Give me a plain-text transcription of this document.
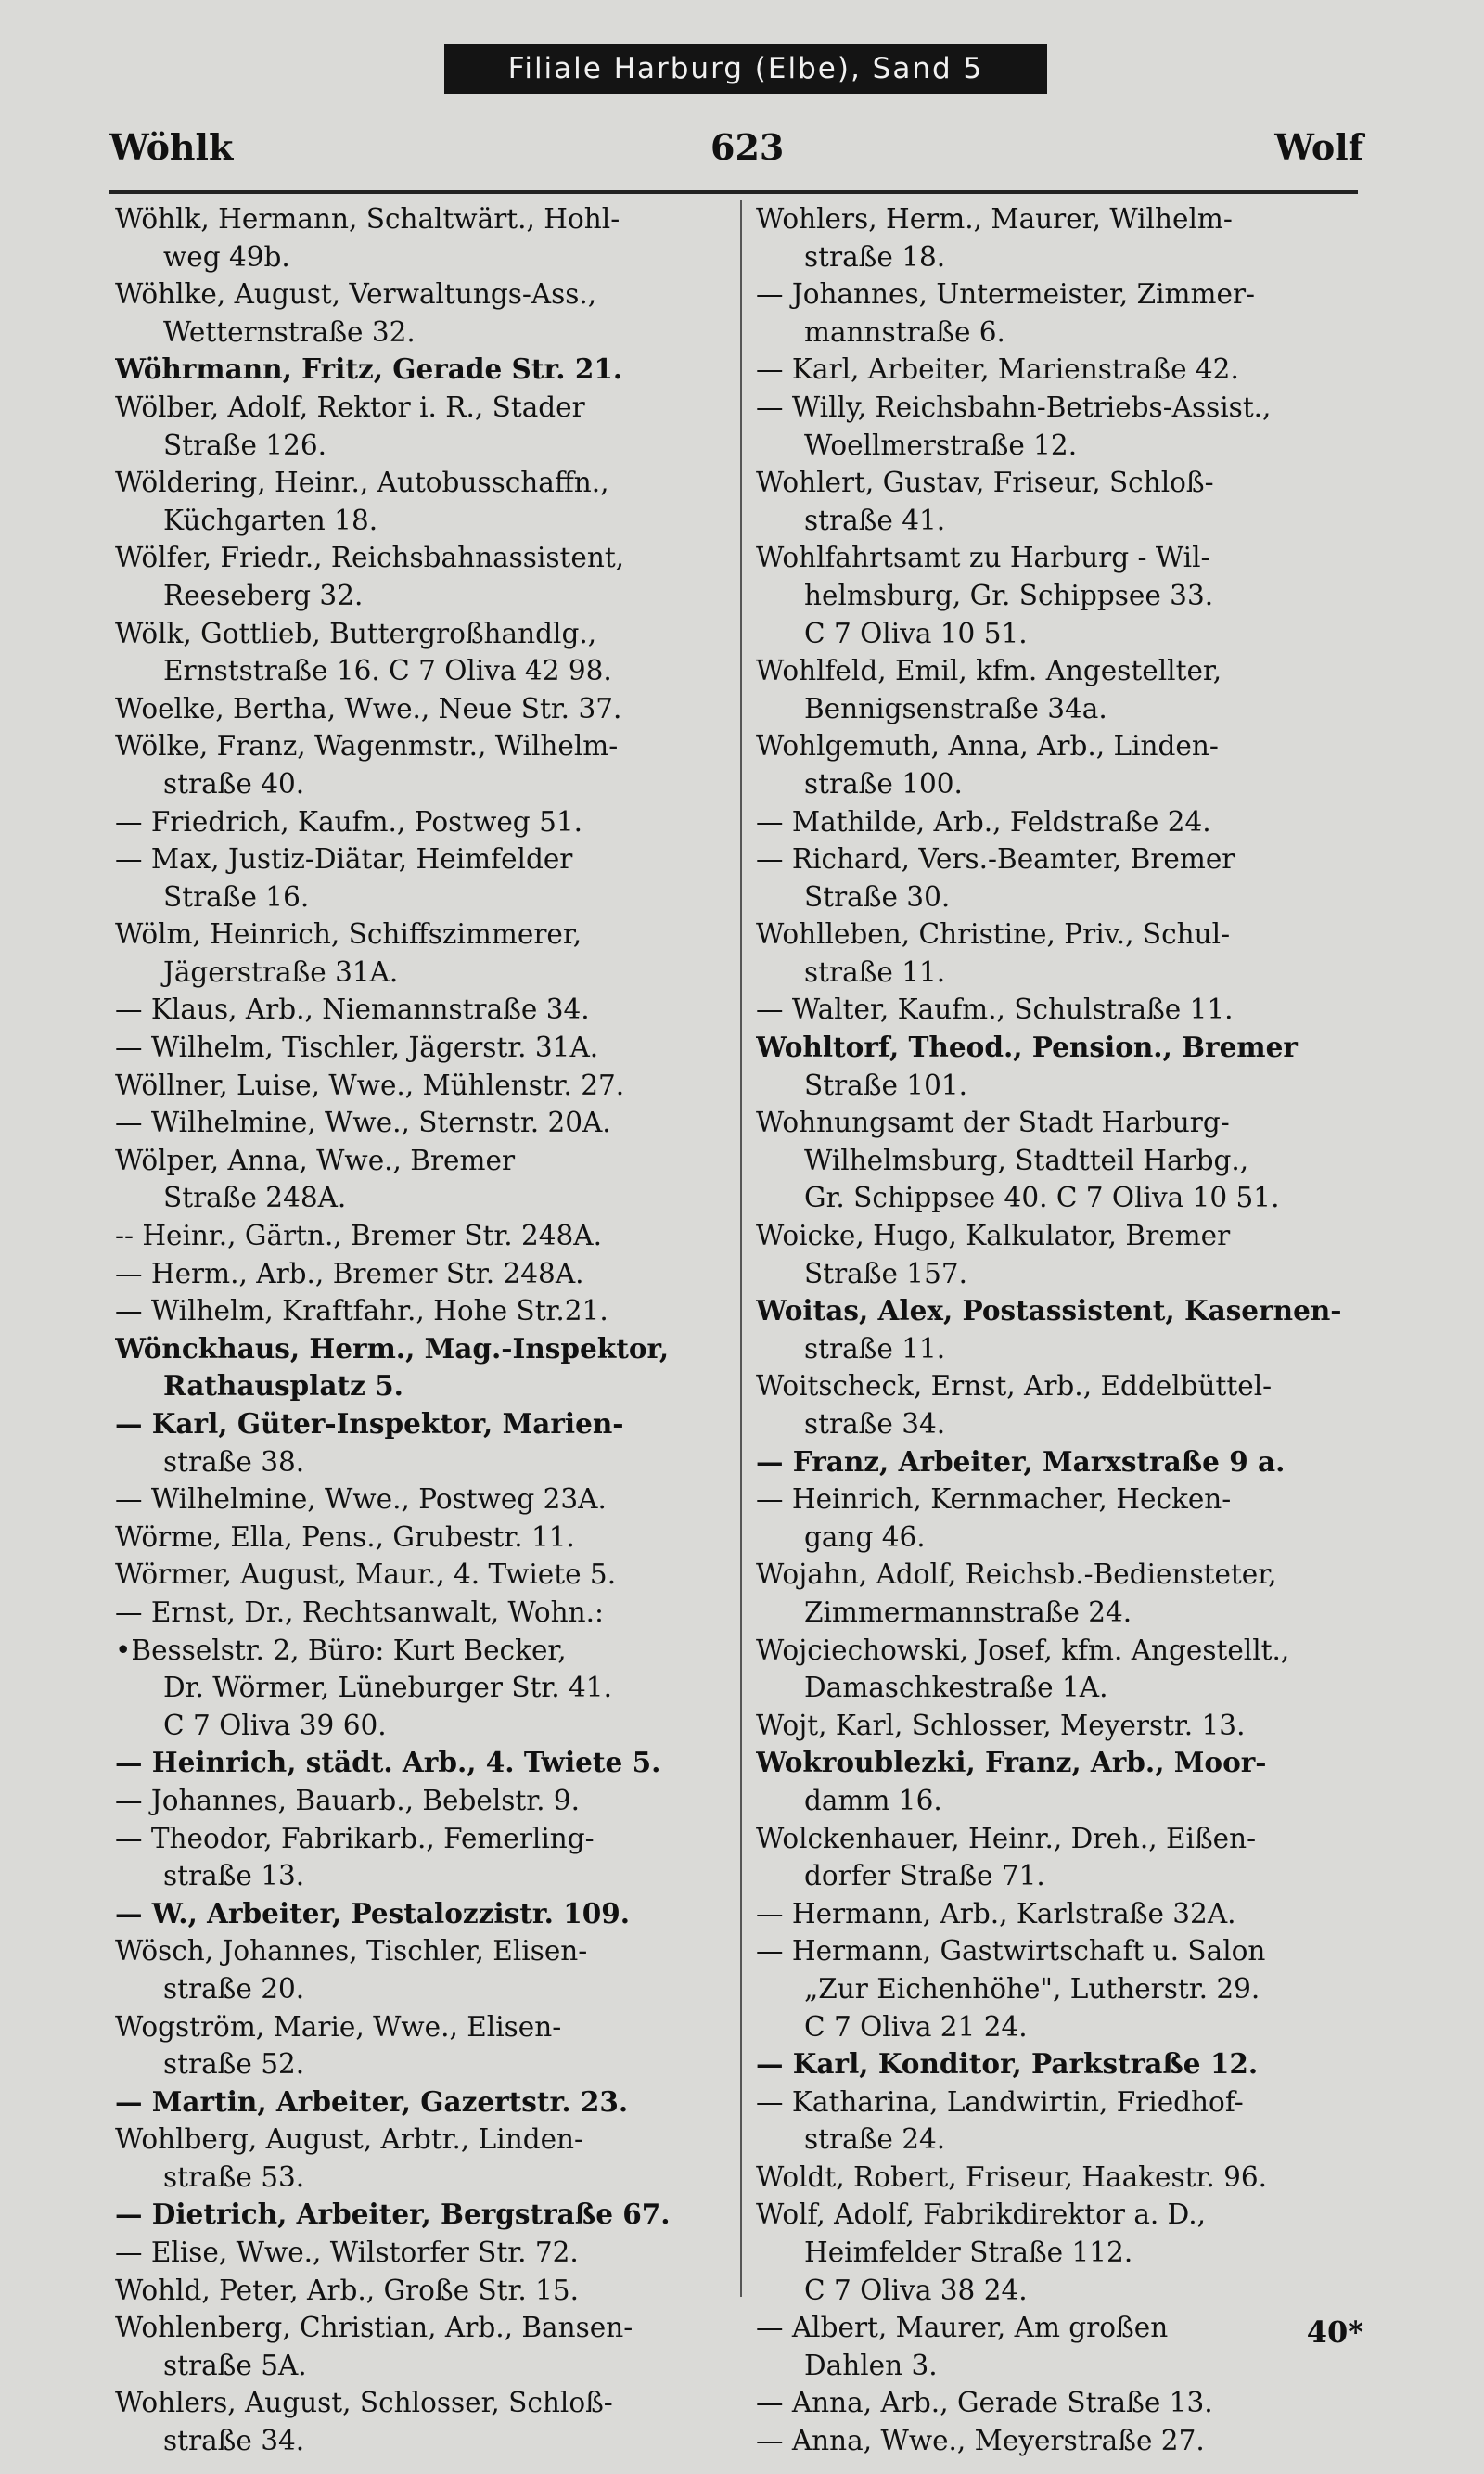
Filiale Harburg (Elbe), Sand 5
Wöhlk	623	Wolf
Wöhlk, Hermann, Schaltwärt., Hohl-
weg 49b.
Wöhlke, August, Verwaltungs-Ass.,
Wetternstraße 32.
Wöhrmann, Fritz, Gerade Str. 21.
Wölber, Adolf, Rektor i. R., Stader
Straße 126.
Wöldering, Heinr., Autobusschaffn.,
Küchgarten 18.
Wölfer, Friedr., Reichsbahnassistent,
Reeseberg 32.
Wölk, Gottlieb, Buttergroßhandlg.,
Ernststraße 16. C 7 Oliva 42 98.
Woelke, Bertha, Wwe., Neue Str. 37.
Wölke, Franz, Wagenmstr., Wilhelm-
straße 40.
— Friedrich, Kaufm., Postweg 51.
— Max, Justiz-Diätar, Heimfelder
Straße 16.
Wölm, Heinrich, Schiffszimmerer,
Jägerstraße 31A.
— Klaus, Arb., Niemannstraße 34.
— Wilhelm, Tischler, Jägerstr. 31A.
Wöllner, Luise, Wwe., Mühlenstr. 27.
— Wilhelmine, Wwe., Sternstr. 20A.
Wölper, Anna, Wwe., Bremer
Straße 248A.
-- Heinr., Gärtn., Bremer Str. 248A.
— Herm., Arb., Bremer Str. 248A.
— Wilhelm, Kraftfahr., Hohe Str.21.
Wönckhaus, Herm., Mag.-Inspektor,
Rathausplatz 5.
— Karl, Güter-Inspektor, Marien-
straße 38.
— Wilhelmine, Wwe., Postweg 23A.
Wörme, Ella, Pens., Grubestr. 11.
Wörmer, August, Maur., 4. Twiete 5.
— Ernst, Dr., Rechtsanwalt, Wohn.:
•Besselstr. 2, Büro: Kurt Becker,
Dr. Wörmer, Lüneburger Str. 41.
C 7 Oliva 39 60.
— Heinrich, städt. Arb., 4. Twiete 5.
— Johannes, Bauarb., Bebelstr. 9.
— Theodor, Fabrikarb., Femerling-
straße 13.
— W., Arbeiter, Pestalozzistr. 109.
Wösch, Johannes, Tischler, Elisen-
straße 20.
Wogström, Marie, Wwe., Elisen-
straße 52.
— Martin, Arbeiter, Gazertstr. 23.
Wohlberg, August, Arbtr., Linden-
straße 53.
— Dietrich, Arbeiter, Bergstraße 67.
— Elise, Wwe., Wilstorfer Str. 72.
Wohld, Peter, Arb., Große Str. 15.
Wohlenberg, Christian, Arb., Bansen-
straße 5A.
Wohlers, August, Schlosser, Schloß-
straße 34.
Wohlers, Herm., Maurer, Wilhelm-
straße 18.
— Johannes, Untermeister, Zimmer-
mannstraße 6.
— Karl, Arbeiter, Marienstraße 42.
— Willy, Reichsbahn-Betriebs-Assist.,
Woellmerstraße 12.
Wohlert, Gustav, Friseur, Schloß-
straße 41.
Wohlfahrtsamt zu Harburg - Wil-
helmsburg, Gr. Schippsee 33.
C 7 Oliva 10 51.
Wohlfeld, Emil, kfm. Angestellter,
Bennigsenstraße 34a.
Wohlgemuth, Anna, Arb., Linden-
straße 100.
— Mathilde, Arb., Feldstraße 24.
— Richard, Vers.-Beamter, Bremer
Straße 30.
Wohlleben, Christine, Priv., Schul-
straße 11.
— Walter, Kaufm., Schulstraße 11.
Wohltorf, Theod., Pension., Bremer
Straße 101.
Wohnungsamt der Stadt Harburg-
Wilhelmsburg, Stadtteil Harbg.,
Gr. Schippsee 40. C 7 Oliva 10 51.
Woicke, Hugo, Kalkulator, Bremer
Straße 157.
Woitas, Alex, Postassistent, Kasernen-
straße 11.
Woitscheck, Ernst, Arb., Eddelbüttel-
straße 34.
— Franz, Arbeiter, Marxstraße 9 a.
— Heinrich, Kernmacher, Hecken-
gang 46.
Wojahn, Adolf, Reichsb.-Bediensteter,
Zimmermannstraße 24.
Wojciechowski, Josef, kfm. Angestellt.,
Damaschkestraße 1A.
Wojt, Karl, Schlosser, Meyerstr. 13.
Wokroublezki, Franz, Arb., Moor-
damm 16.
Wolckenhauer, Heinr., Dreh., Eißen-
dorfer Straße 71.
— Hermann, Arb., Karlstraße 32A.
— Hermann, Gastwirtschaft u. Salon
„Zur Eichenhöhe", Lutherstr. 29.
C 7 Oliva 21 24.
— Karl, Konditor, Parkstraße 12.
— Katharina, Landwirtin, Friedhof-
straße 24.
Woldt, Robert, Friseur, Haakestr. 96.
Wolf, Adolf, Fabrikdirektor a. D.,
Heimfelder Straße 112.
C 7 Oliva 38 24.
— Albert, Maurer, Am großen
Dahlen 3.
— Anna, Arb., Gerade Straße 13.
— Anna, Wwe., Meyerstraße 27.
40*
